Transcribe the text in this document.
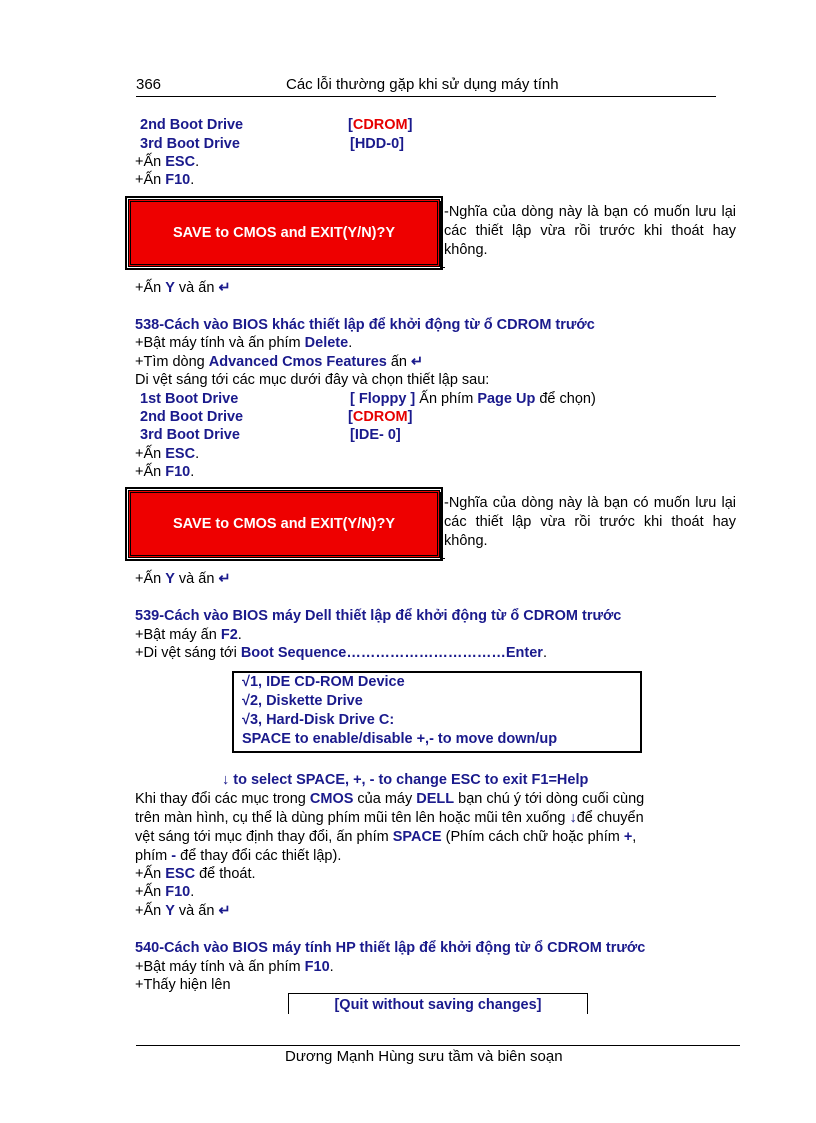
366	Các lỗi thường gặp khi sử dụng máy tính
2nd Boot Drive	[CDROM]
3rd Boot Drive	[HDD-0]
+Ấn ESC.
+Ấn F10.
SAVE to CMOS and EXIT(Y/N)?Y
-Nghĩa của dòng này là bạn có muốn lưu lại các thiết lập vừa rồi trước khi thoát hay không.
+Ấn Y và ấn ↵
538-Cách vào BIOS khác thiết lập để khởi động từ ổ CDROM trước
+Bật máy tính và ấn phím Delete.
+Tìm dòng Advanced Cmos Features ấn ↵
Di vệt sáng tới các mục dưới đây và chọn thiết lập sau:
1st Boot Drive	[ Floppy ] Ấn phím Page Up để chọn)
2nd Boot Drive	[CDROM]
3rd Boot Drive	[IDE- 0]
+Ấn ESC.
+Ấn F10.
SAVE to CMOS and EXIT(Y/N)?Y
-Nghĩa của dòng này là bạn có muốn lưu lại các thiết lập vừa rồi trước khi thoát hay không.
+Ấn Y và ấn ↵
539-Cách vào BIOS máy Dell thiết lập để khởi động từ ổ CDROM trước
+Bật máy ấn F2.
+Di vệt sáng tới Boot Sequence……………………………Enter.
√1, IDE CD-ROM Device
√2, Diskette Drive
√3, Hard-Disk Drive C:
SPACE to enable/disable +,- to move down/up
↓ to select SPACE, +, - to change ESC to exit F1=Help
Khi thay đổi các mục trong CMOS của máy DELL bạn chú ý tới dòng cuối cùng
trên màn hình, cụ thể là dùng phím mũi tên lên hoặc mũi tên xuống ↓để chuyển
vệt sáng tới mục định thay đổi, ấn phím SPACE (Phím cách chữ hoặc phím +,
phím - để thay đổi các thiết lập).
+Ấn ESC để thoát.
+Ấn F10.
+Ấn Y và ấn ↵
540-Cách vào BIOS máy tính HP thiết lập để khởi động từ ổ CDROM trước
+Bật máy tính và ấn phím F10.
+Thấy hiện lên
[Quit without saving changes]
Dương Mạnh Hùng sưu tầm và biên soạn
